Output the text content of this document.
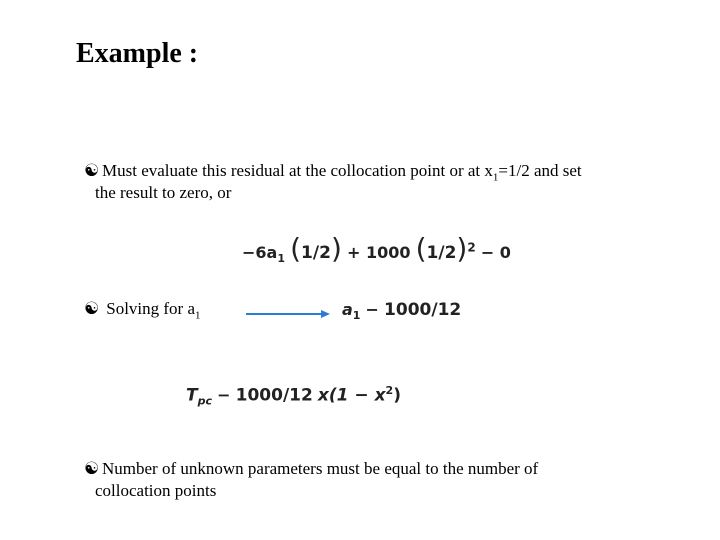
Example :
☯ Must evaluate this residual at the collocation point or at $x_1=1/2$ and set
the result to zero, or
$-6a_1$ (1/2) + 1000 $(1/2)^2 - 0$
☯ Solving for $a_1$	$a_1 - 1000/12$
$T_{pc} - 1000/12$ $x(1 - x^2)$
☯ Number of unknown parameters must be equal to the number of
collocation points
